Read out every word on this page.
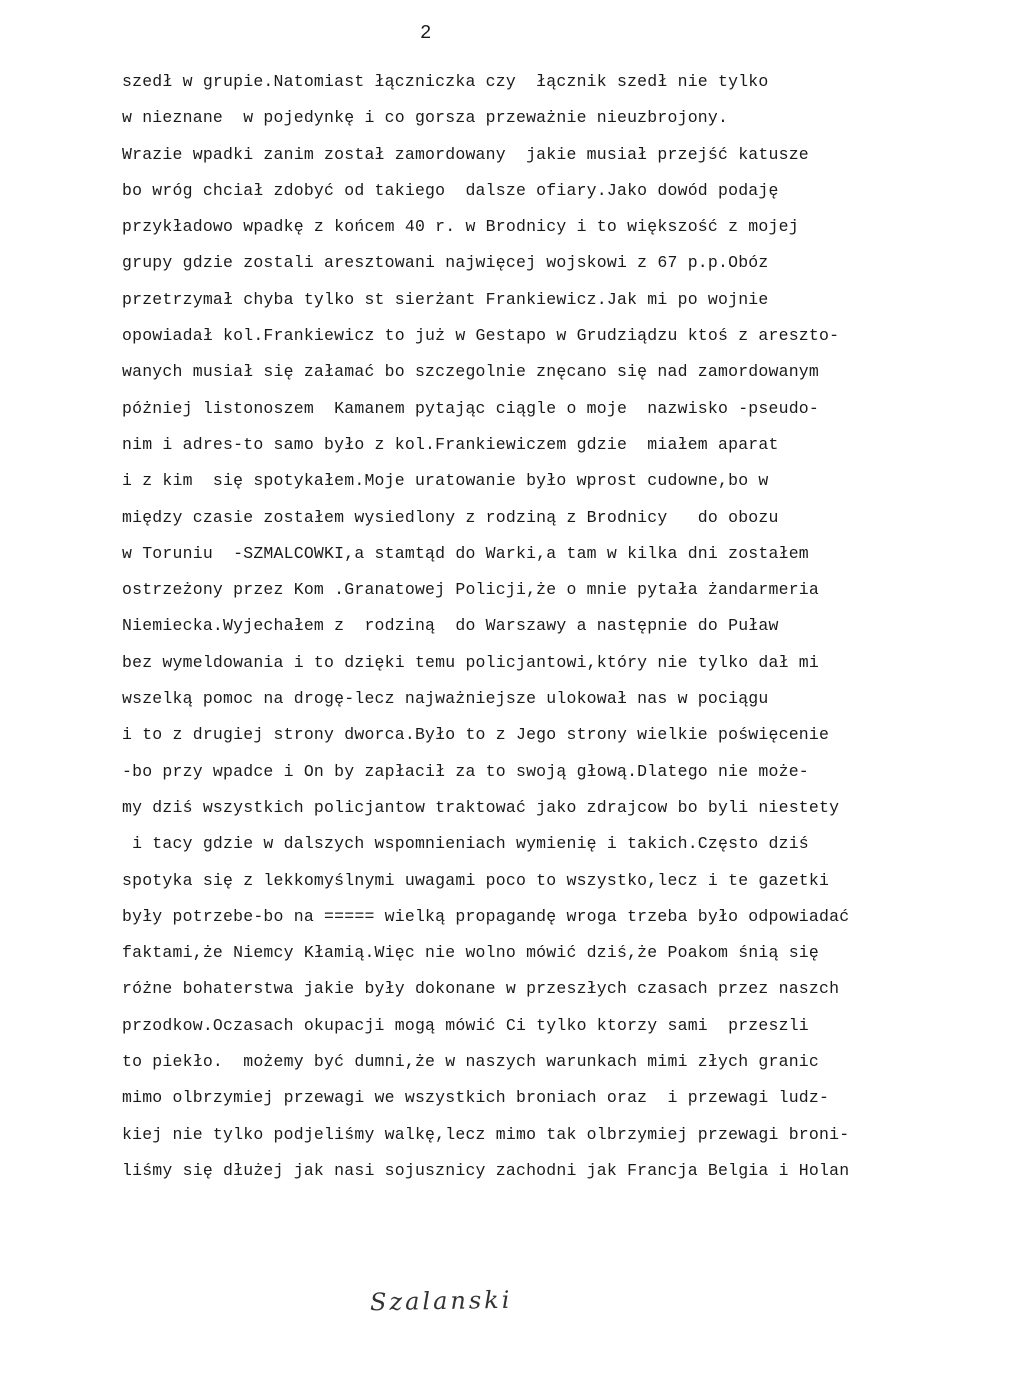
2
szedł w grupie.Natomiast łączniczka czy  łącznik szedł nie tylko
w nieznane  w pojedynkę i co gorsza przeważnie nieuzbrojony.
Wrazie wpadki zanim został zamordowany  jakie musiał przejść katusze
bo wróg chciał zdobyć od takiego  dalsze ofiary.Jako dowód podaję
przykładowo wpadkę z końcem 40 r. w Brodnicy i to większość z mojej
grupy gdzie zostali aresztowani najwięcej wojskowi z 67 p.p.Obóz
przetrzymał chyba tylko st sierżant Frankiewicz.Jak mi po wojnie
opowiadał kol.Frankiewicz to już w Gestapo w Grudziądzu ktoś z aresztо-
wanych musiał się załamać bo szczegolnie znęcano się nad zamordowanym
póżniej listonoszem  Kamanem pytając ciągle o moje  nazwisko -pseudo-
nim i adres-to samo było z kol.Frankiewiczem gdzie  miałem aparat
i z kim  się spotykałem.Moje uratowanie było wprost cudowne,bo w
między czasie zostałem wysiedlony z rodziną z Brodnicy   do obozu
w Toruniu  -SZMALCOWKI,a stamtąd do Warki,a tam w kilka dni zostałem
ostrzeżony przez Kom .Granatowej Policji,że o mnie pytała żandarmeria
Niemiecka.Wyjechałem z  rodziną  do Warszawy a następnie do Puław
bez wymeldowania i to dzięki temu policjantowi,który nie tylko dał mi
wszelką pomoc na drogę-lecz najważniejsze ulokował nas w pociągu
i to z drugiej strony dworca.Było to z Jego strony wielkie poświęcenie
-bo przy wpadce i On by zapłacił za to swoją głową.Dlatego nie może-
my dziś wszystkich policjantow traktować jako zdrajcow bo byli niestety
i tacy gdzie w dalszych wspomnieniach wymienię i takich.Często dziś
spotyka się z lekkomyślnymi uwagami poco to wszystko,lecz i te gazetki
były potrzebe-bo na ===== wielką propagandę wroga trzeba było odpowiadać
faktami,że Niemcy Kłamią.Więc nie wolno mówić dziś,że Poakom śnią się
różne bohaterstwa jakie były dokonane w przeszłych czasach przez naszch
przodkow.Oczasach okupacji mogą mówić Ci tylko ktorzy sami  przeszli
to piekło.  możemy być dumni,że w naszych warunkach mimi złych granic
mimo olbrzymiej przewagi we wszystkich broniach oraz  i przewagi ludz-
kiej nie tylko podjeliśmy walkę,lecz mimo tak olbrzymiej przewagi broni-
liśmy się dłużej jak nasi sojusznicy zachodni jak Francja Belgia i Holan
Szalanski
